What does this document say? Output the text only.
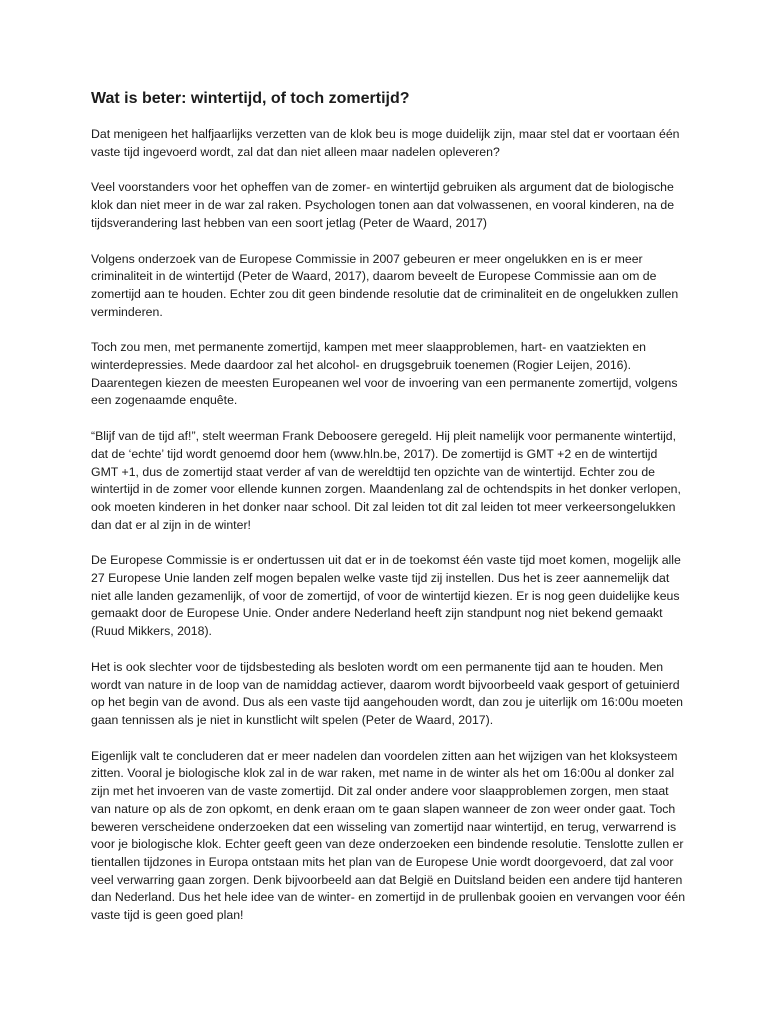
Wat is beter: wintertijd, of toch zomertijd?

Dat menigeen het halfjaarlijks verzetten van de klok beu is moge duidelijk zijn, maar stel dat er voortaan één vaste tijd ingevoerd wordt, zal dat dan niet alleen maar nadelen opleveren?

Veel voorstanders voor het opheffen van de zomer- en wintertijd gebruiken als argument dat de biologische klok dan niet meer in de war zal raken. Psychologen tonen aan dat volwassenen, en vooral kinderen, na de tijdsverandering last hebben van een soort jetlag (Peter de Waard, 2017)

Volgens onderzoek van de Europese Commissie in 2007 gebeuren er meer ongelukken en is er meer criminaliteit in de wintertijd (Peter de Waard, 2017), daarom beveelt de Europese Commissie aan om de zomertijd aan te houden. Echter zou dit geen bindende resolutie dat de criminaliteit en de ongelukken zullen verminderen.

Toch zou men, met permanente zomertijd, kampen met meer slaapproblemen, hart- en vaatziekten en winterdepressies. Mede daardoor zal het alcohol- en drugsgebruik toenemen (Rogier Leijen, 2016). Daarentegen kiezen de meesten Europeanen wel voor de invoering van een permanente zomertijd, volgens een zogenaamde enquête.

“Blijf van de tijd af!”, stelt weerman Frank Deboosere geregeld. Hij pleit namelijk voor permanente wintertijd, dat de ‘echte’ tijd wordt genoemd door hem (www.hln.be, 2017). De zomertijd is GMT +2 en de wintertijd GMT +1, dus de zomertijd staat verder af van de wereldtijd ten opzichte van de wintertijd. Echter zou de wintertijd in de zomer voor ellende kunnen zorgen. Maandenlang zal de ochtendspits in het donker verlopen, ook moeten kinderen in het donker naar school. Dit zal leiden tot dit zal leiden tot meer verkeersongelukken dan dat er al zijn in de winter!

De Europese Commissie is er ondertussen uit dat er in de toekomst één vaste tijd moet komen, mogelijk alle 27 Europese Unie landen zelf mogen bepalen welke vaste tijd zij instellen. Dus het is zeer aannemelijk dat niet alle landen gezamenlijk, of voor de zomertijd, of voor de wintertijd kiezen. Er is nog geen duidelijke keus gemaakt door de Europese Unie. Onder andere Nederland heeft zijn standpunt nog niet bekend gemaakt (Ruud Mikkers, 2018).

Het is ook slechter voor de tijdsbesteding als besloten wordt om een permanente tijd aan te houden. Men wordt van nature in de loop van de namiddag actiever, daarom wordt bijvoorbeeld vaak gesport of getuinierd op het begin van de avond. Dus als een vaste tijd aangehouden wordt, dan zou je uiterlijk om 16:00u moeten gaan tennissen als je niet in kunstlicht wilt spelen (Peter de Waard, 2017).

Eigenlijk valt te concluderen dat er meer nadelen dan voordelen zitten aan het wijzigen van het kloksysteem zitten. Vooral je biologische klok zal in de war raken, met name in de winter als het om 16:00u al donker zal zijn met het invoeren van de vaste zomertijd. Dit zal onder andere voor slaapproblemen zorgen, men staat van nature op als de zon opkomt, en denk eraan om te gaan slapen wanneer de zon weer onder gaat. Toch beweren verscheidene onderzoeken dat een wisseling van zomertijd naar wintertijd, en terug, verwarrend is voor je biologische klok. Echter geeft geen van deze onderzoeken een bindende resolutie. Tenslotte zullen er tientallen tijdzones in Europa ontstaan mits het plan van de Europese Unie wordt doorgevoerd, dat zal voor veel verwarring gaan zorgen. Denk bijvoorbeeld aan dat België en Duitsland beiden een andere tijd hanteren dan Nederland. Dus het hele idee van de winter- en zomertijd in de prullenbak gooien en vervangen voor één vaste tijd is geen goed plan!
